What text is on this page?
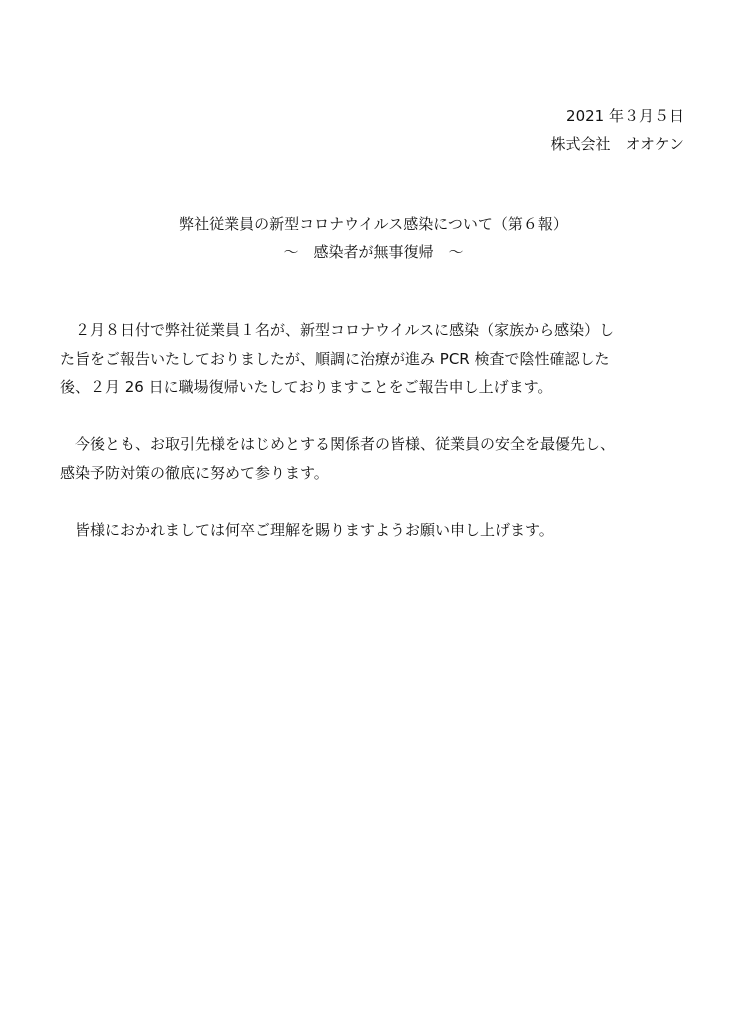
2021 年３月５日
株式会社　オオケン
弊社従業員の新型コロナウイルス感染について（第６報）
～　感染者が無事復帰　～
　２月８日付で弊社従業員１名が、新型コロナウイルスに感染（家族から感染）し
た旨をご報告いたしておりましたが、順調に治療が進み PCR 検査で陰性確認した
後、２月 26 日に職場復帰いたしておりますことをご報告申し上げます。
　今後とも、お取引先様をはじめとする関係者の皆様、従業員の安全を最優先し、
感染予防対策の徹底に努めて参ります。
　皆様におかれましては何卒ご理解を賜りますようお願い申し上げます。
